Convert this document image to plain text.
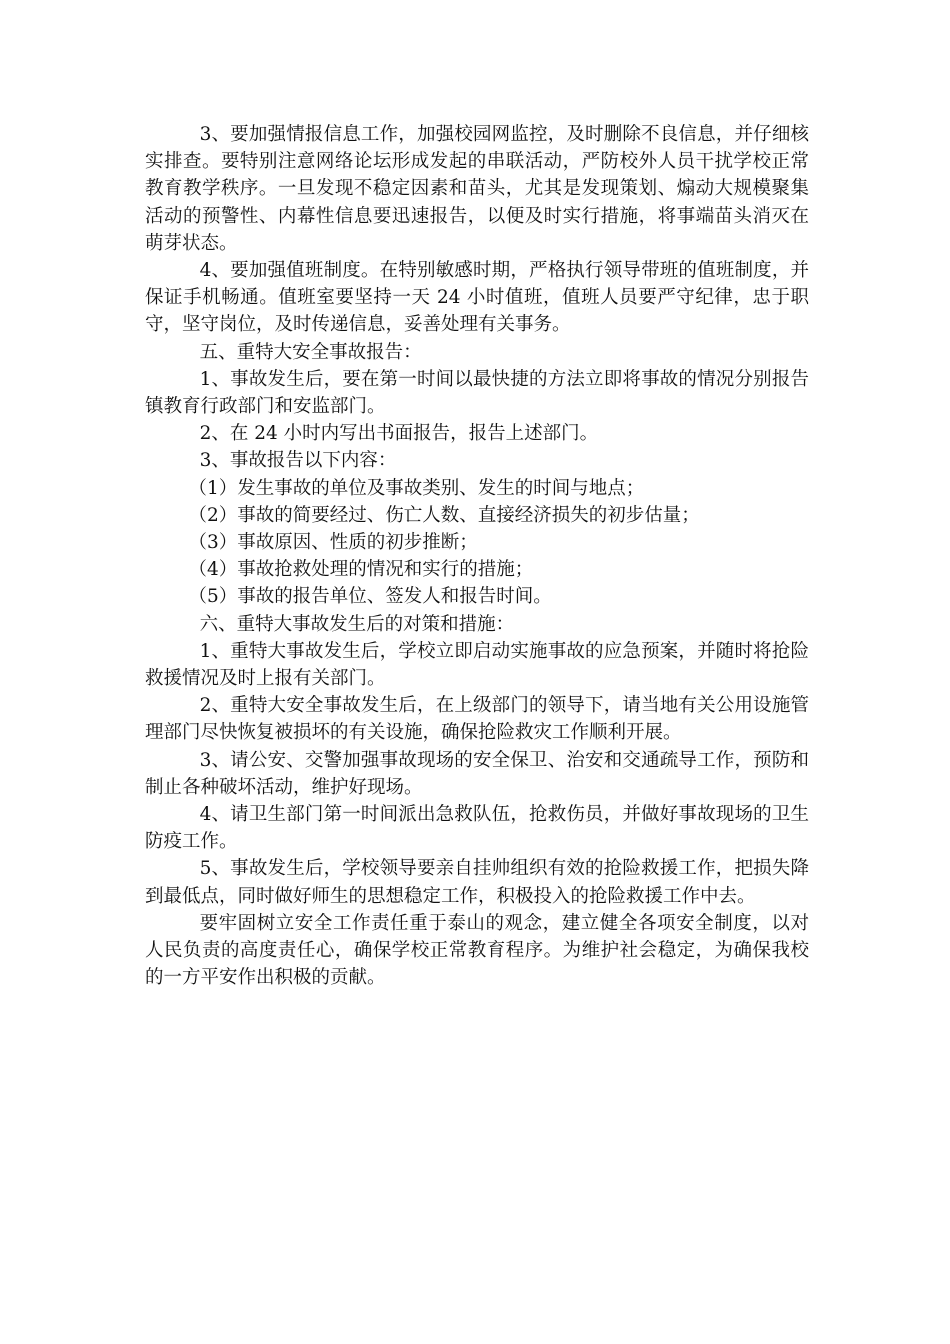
3、要加强情报信息工作，加强校园网监控，及时删除不良信息，并仔细核实排查。要特别注意网络论坛形成发起的串联活动，严防校外人员干扰学校正常教育教学秩序。一旦发现不稳定因素和苗头，尤其是发现策划、煽动大规模聚集活动的预警性、内幕性信息要迅速报告，以便及时实行措施，将事端苗头消灭在萌芽状态。

4、要加强值班制度。在特别敏感时期，严格执行领导带班的值班制度，并保证手机畅通。值班室要坚持一天 24 小时值班，值班人员要严守纪律，忠于职守，坚守岗位，及时传递信息，妥善处理有关事务。

五、重特大安全事故报告：

1、事故发生后，要在第一时间以最快捷的方法立即将事故的情况分别报告镇教育行政部门和安监部门。

2、在 24 小时内写出书面报告，报告上述部门。

3、事故报告以下内容：

（1）发生事故的单位及事故类别、发生的时间与地点；

（2）事故的简要经过、伤亡人数、直接经济损失的初步估量；

（3）事故原因、性质的初步推断；

（4）事故抢救处理的情况和实行的措施；

（5）事故的报告单位、签发人和报告时间。

六、重特大事故发生后的对策和措施：

1、重特大事故发生后，学校立即启动实施事故的应急预案，并随时将抢险救援情况及时上报有关部门。

2、重特大安全事故发生后，在上级部门的领导下，请当地有关公用设施管理部门尽快恢复被损坏的有关设施，确保抢险救灾工作顺利开展。

3、请公安、交警加强事故现场的安全保卫、治安和交通疏导工作，预防和制止各种破坏活动，维护好现场。

4、请卫生部门第一时间派出急救队伍，抢救伤员，并做好事故现场的卫生防疫工作。

5、事故发生后，学校领导要亲自挂帅组织有效的抢险救援工作，把损失降到最低点，同时做好师生的思想稳定工作，积极投入的抢险救援工作中去。

要牢固树立安全工作责任重于泰山的观念，建立健全各项安全制度，以对人民负责的高度责任心，确保学校正常教育程序。为维护社会稳定，为确保我校的一方平安作出积极的贡献。
